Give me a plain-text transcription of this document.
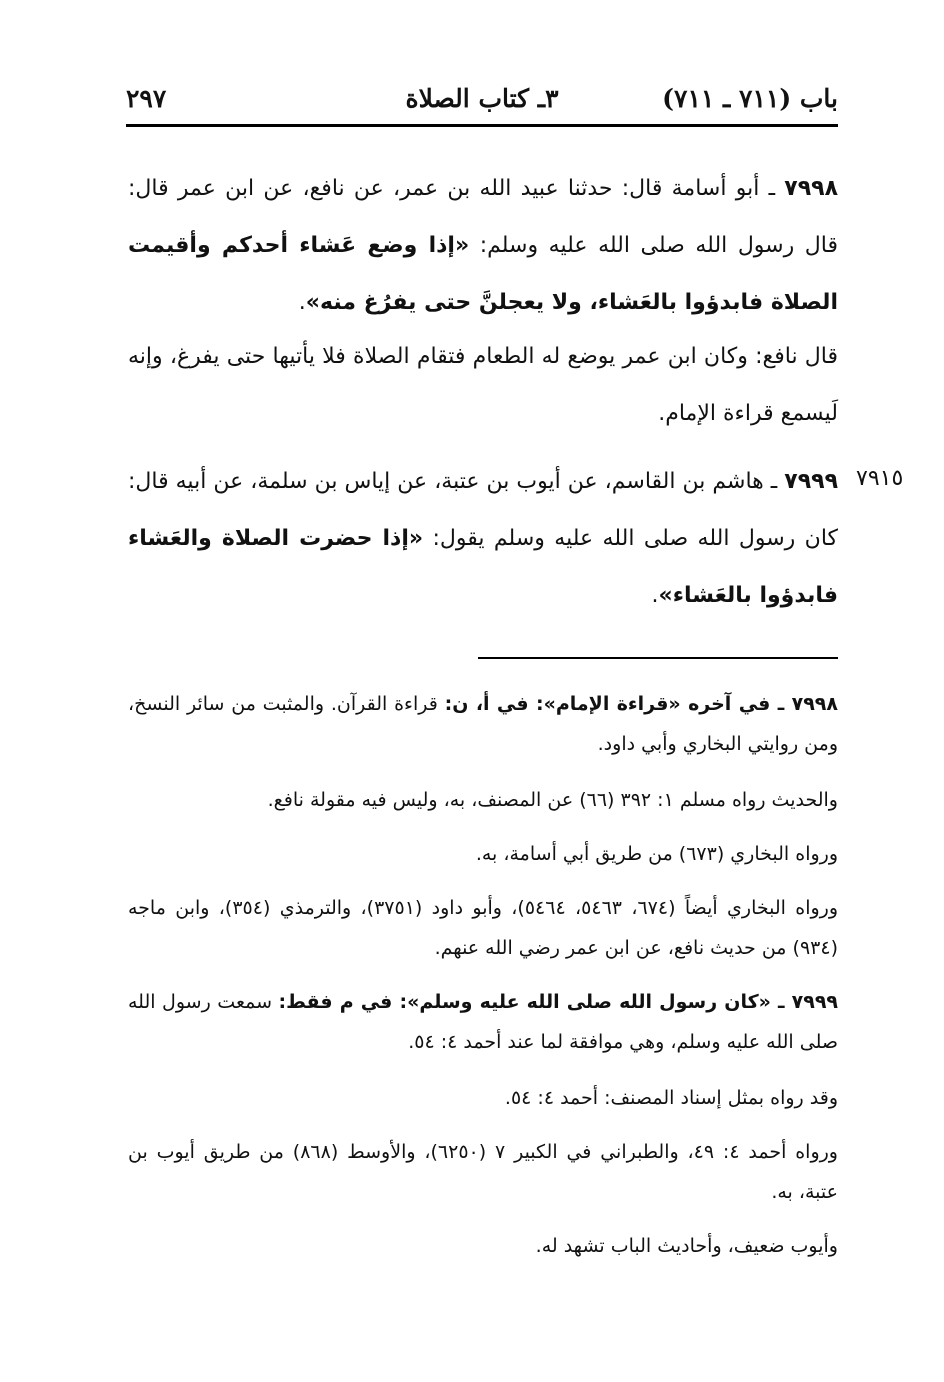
باب (٧١١ ـ ٧١١)
٣ـ كتاب الصلاة
٢٩٧

٧٩٩٨ ـ أبو أسامة قال: حدثنا عبيد الله بن عمر، عن نافع، عن ابن عمر قال: قال رسول الله صلى الله عليه وسلم: «إذا وضع عَشاء أحدكم وأقيمت الصلاة فابدؤوا بالعَشاء، ولا يعجلنَّ حتى يفرُغ منه».

قال نافع: وكان ابن عمر يوضع له الطعام فتقام الصلاة فلا يأتيها حتى يفرغ، وإنه لَيسمع قراءة الإمام.

٧٩١٥

٧٩٩٩ ـ هاشم بن القاسم، عن أيوب بن عتبة، عن إياس بن سلمة، عن أبيه قال: كان رسول الله صلى الله عليه وسلم يقول: «إذا حضرت الصلاة والعَشاء فابدؤوا بالعَشاء».

٧٩٩٨ ـ في آخره «قراءة الإمام»: في أ، ن: قراءة القرآن. والمثبت من سائر النسخ، ومن روايتي البخاري وأبي داود.

والحديث رواه مسلم ١: ٣٩٢ (٦٦) عن المصنف، به، وليس فيه مقولة نافع.

ورواه البخاري (٦٧٣) من طريق أبي أسامة، به.

ورواه البخاري أيضاً (٦٧٤، ٥٤٦٣، ٥٤٦٤)، وأبو داود (٣٧٥١)، والترمذي (٣٥٤)، وابن ماجه (٩٣٤) من حديث نافع، عن ابن عمر رضي الله عنهم.

٧٩٩٩ ـ «كان رسول الله صلى الله عليه وسلم»: في م فقط: سمعت رسول الله صلى الله عليه وسلم، وهي موافقة لما عند أحمد ٤: ٥٤.

وقد رواه بمثل إسناد المصنف: أحمد ٤: ٥٤.

ورواه أحمد ٤: ٤٩، والطبراني في الكبير ٧ (٦٢٥٠)، والأوسط (٨٦٨) من طريق أيوب بن عتبة، به.

وأيوب ضعيف، وأحاديث الباب تشهد له.
